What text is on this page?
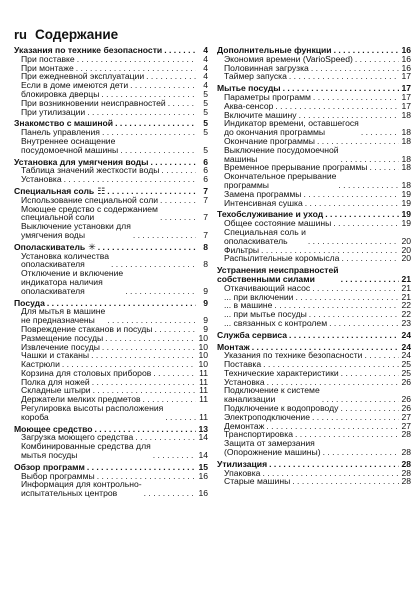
ru Содержание
Указания по технике безопасности . . .	4
При поставке . . .	4
При монтаже . . .	4
При ежедневной эксплуатации . . .	4
Если в доме имеются дети . . .	4
блокировка дверцы . . .	5
При возникновении неисправностей . . .	5
При утилизации . . .	5
Знакомство с машиной . . .	5
Панель управления . . .	5
Внутреннее оснащение
посудомоечной машины . . .	5
Установка для умягчения воды . . .	6
Таблица значений жесткости воды . . .	6
Установка . . .	6
Специальная соль ☷ . . .	7
Использование специальной соли . . .	7
Моющее средство с содержанием
специальной соли . . .	7
Выключение установки для
умягчения воды . . .	7
Ополаскиватель ✳ . . .	8
Установка количества
ополаскивателя . . .	8
Отключение и включение
индикатора наличия
ополаскивателя . . .	9
Посуда . . .	9
Для мытья в машине
не предназначены . . .	9
Повреждение стаканов и посуды . . .	9
Размещение посуды . . .	10
Извлечение посуды . . .	10
Чашки и стаканы . . .	10
Кастрюли . . .	10
Корзина для столовых приборов . . .	11
Полка для ножей . . .	11
Складные штыри . . .	11
Держатели мелких предметов . . .	11
Регулировка высоты расположения
короба . . .	11
Моющее средство . . .	13
Загрузка моющего средства . . .	14
Комбинированные средства для
мытья посуды . . .	14
Обзор программ . . .	15
Выбор программы . . .	16
Информация для контрольно-
испытательных центров . . .	16
Дополнительные функции . . .	16
Экономия времени (VarioSpeed) . . .	16
Половинная загрузка . . .	16
Таймер запуска . . .	17
Мытье посуды . . .	17
Параметры программ . . .	17
Аква-сенсор . . .	17
Включите машину . . .	18
Индикатор времени, оставшегося
до окончания программы . . .	18
Окончание программы . . .	18
Выключение посудомоечной
машины . . .	18
Временное прерывание программы . . .	18
Окончательное прерывание
программы . . .	18
Замена программы . . .	19
Интенсивная сушка . . .	19
Техобслуживание и уход . . .	19
Общее состояние машины . . .	19
Специальная соль и
ополаскиватель . . .	20
Фильтры . . .	20
Распылительные коромысла . . .	20
Устранения неисправностей
собственными силами . . .	21
Откачивающий насос . . .	21
... при включении . . .	21
... в машине . . .	22
... при мытье посуды . . .	22
... связанных с контролем . . .	23
Служба сервиса . . .	24
Монтаж . . .	24
Указания по технике безопасности . . .	24
Поставка . . .	25
Технические характеристики . . .	25
Установка . . .	26
Подключение к системе
канализации . . .	26
Подключение к водопроводу . . .	26
Электроподключение . . .	27
Демонтаж . . .	27
Транспортировка . . .	28
Защита от замерзания
(Опорожнение машины) . . .	28
Утилизация . . .	28
Упаковка . . .	28
Старые машины . . .	28
